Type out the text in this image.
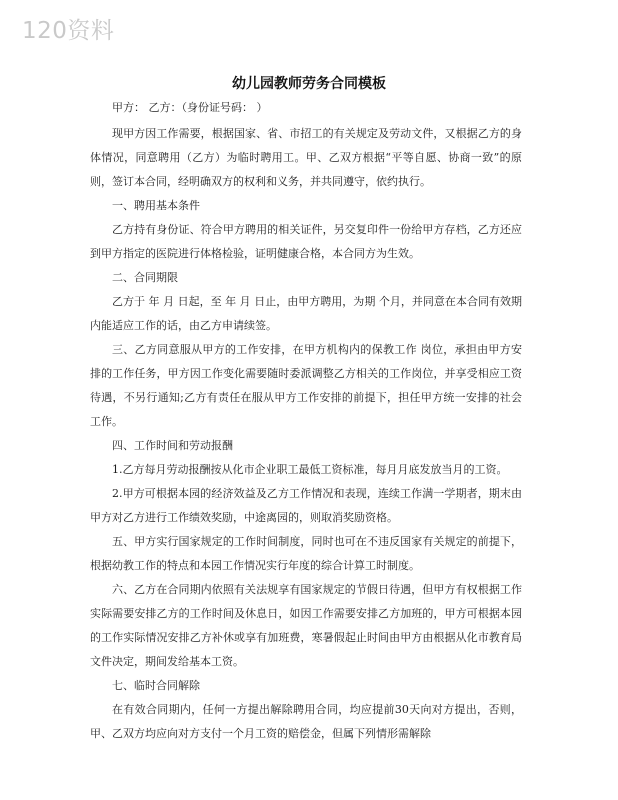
120资料
幼儿园教师劳务合同模板

甲方： 乙方：（身份证号码： ）

现甲方因工作需要，根据国家、省、市招工的有关规定及劳动文件，又根据乙方的身体情况，同意聘用（乙方）为临时聘用工。甲、乙双方根据“平等自愿、协商一致”的原则，签订本合同，经明确双方的权利和义务，并共同遵守，依约执行。

一、聘用基本条件

乙方持有身份证、符合甲方聘用的相关证件，另交复印件一份给甲方存档，乙方还应到甲方指定的医院进行体格检验，证明健康合格，本合同方为生效。

二、合同期限

乙方于 年 月 日起，至 年 月 日止，由甲方聘用，为期 个月，并同意在本合同有效期内能适应工作的话，由乙方申请续签。

三、乙方同意服从甲方的工作安排，在甲方机构内的保教工作 岗位，承担由甲方安排的工作任务，甲方因工作变化需要随时委派调整乙方相关的工作岗位，并享受相应工资待遇，不另行通知;乙方有责任在服从甲方工作安排的前提下，担任甲方统一安排的社会工作。

四、工作时间和劳动报酬

1.乙方每月劳动报酬按从化市企业职工最低工资标准，每月月底发放当月的工资。

2.甲方可根据本园的经济效益及乙方工作情况和表现，连续工作满一学期者，期末由甲方对乙方进行工作绩效奖励，中途离园的，则取消奖励资格。

五、甲方实行国家规定的工作时间制度，同时也可在不违反国家有关规定的前提下，根据幼教工作的特点和本园工作情况实行年度的综合计算工时制度。

六、乙方在合同期内依照有关法规享有国家规定的节假日待遇，但甲方有权根据工作实际需要安排乙方的工作时间及休息日，如因工作需要安排乙方加班的，甲方可根据本园的工作实际情况安排乙方补休或享有加班费，寒暑假起止时间由甲方由根据从化市教育局文件决定，期间发给基本工资。

七、临时合同解除

在有效合同期内，任何一方提出解除聘用合同，均应提前30天向对方提出，否则，甲、乙双方均应向对方支付一个月工资的赔偿金，但属下列情形需解除
